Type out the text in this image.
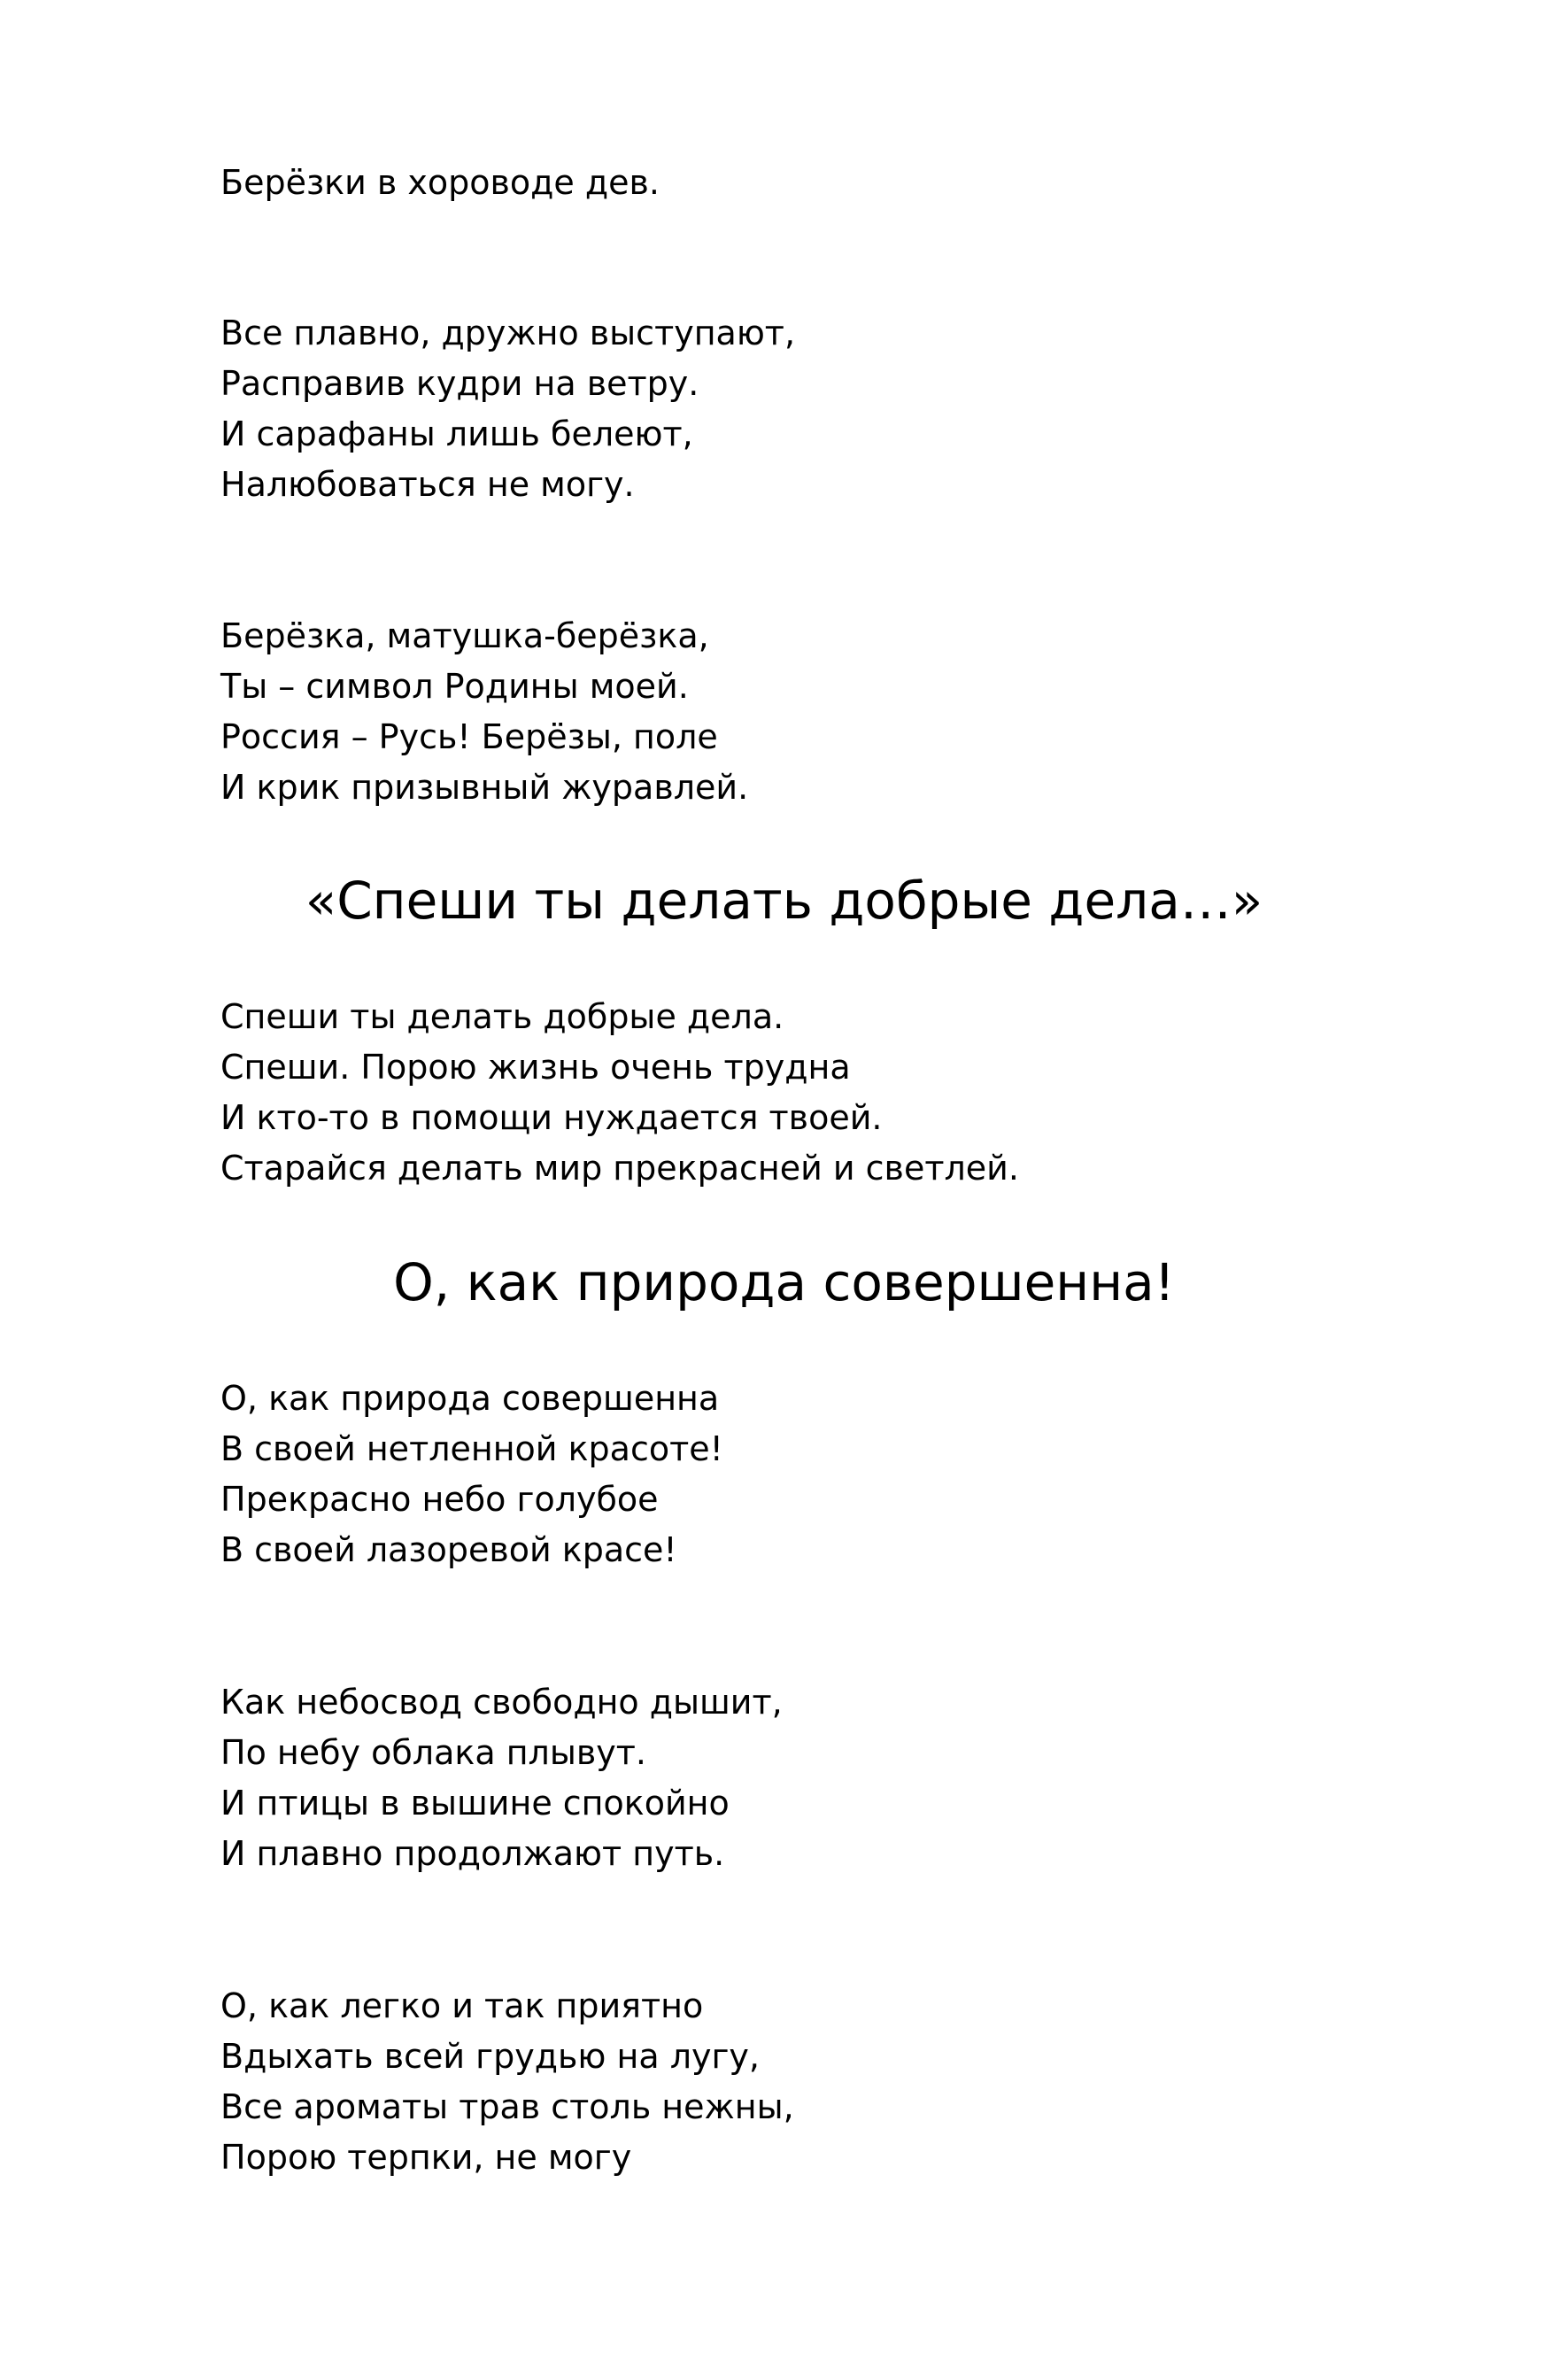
Берёзки в хороводе дев.

Все плавно, дружно выступают,

Расправив кудри на ветру.

И сарафаны лишь белеют,

Налюбоваться не могу.

Берёзка, матушка-берёзка,

Ты – символ Родины моей.

Россия – Русь! Берёзы, поле

И крик призывный журавлей.

«Спеши ты делать добрые дела…»

Спеши ты делать добрые дела.

Спеши. Порою жизнь очень трудна

И кто-то в помощи нуждается твоей.

Старайся делать мир прекрасней и светлей.

О, как природа совершенна!

О, как природа совершенна

В своей нетленной красоте!

Прекрасно небо голубое

В своей лазоревой красе!

Как небосвод свободно дышит,

По небу облака плывут.

И птицы в вышине спокойно

И плавно продолжают путь.

О, как легко и так приятно

Вдыхать всей грудью на лугу,

Все ароматы трав столь нежны,

Порою терпки, не могу
